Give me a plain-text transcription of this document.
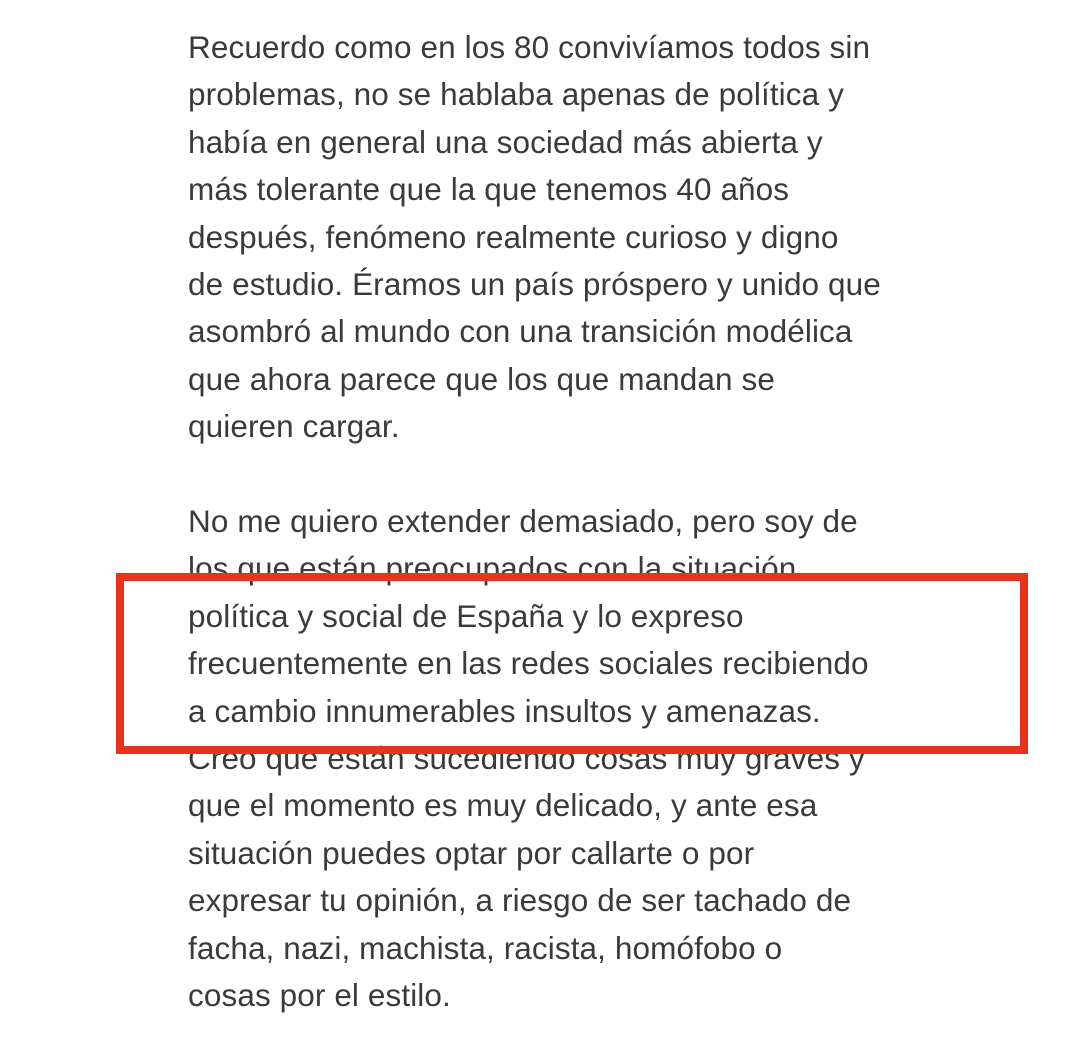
Recuerdo como en los 80 convivíamos todos sin
problemas, no se hablaba apenas de política y
había en general una sociedad más abierta y
más tolerante que la que tenemos 40 años
después, fenómeno realmente curioso y digno
de estudio. Éramos un país próspero y unido que
asombró al mundo con una transición modélica
que ahora parece que los que mandan se
quieren cargar.
No me quiero extender demasiado, pero soy de
los que están preocupados con la situación
política y social de España y lo expreso
frecuentemente en las redes sociales recibiendo
a cambio innumerables insultos y amenazas.
Creo que están sucediendo cosas muy graves y
que el momento es muy delicado, y ante esa
situación puedes optar por callarte o por
expresar tu opinión, a riesgo de ser tachado de
facha, nazi, machista, racista, homófobo o
cosas por el estilo.
